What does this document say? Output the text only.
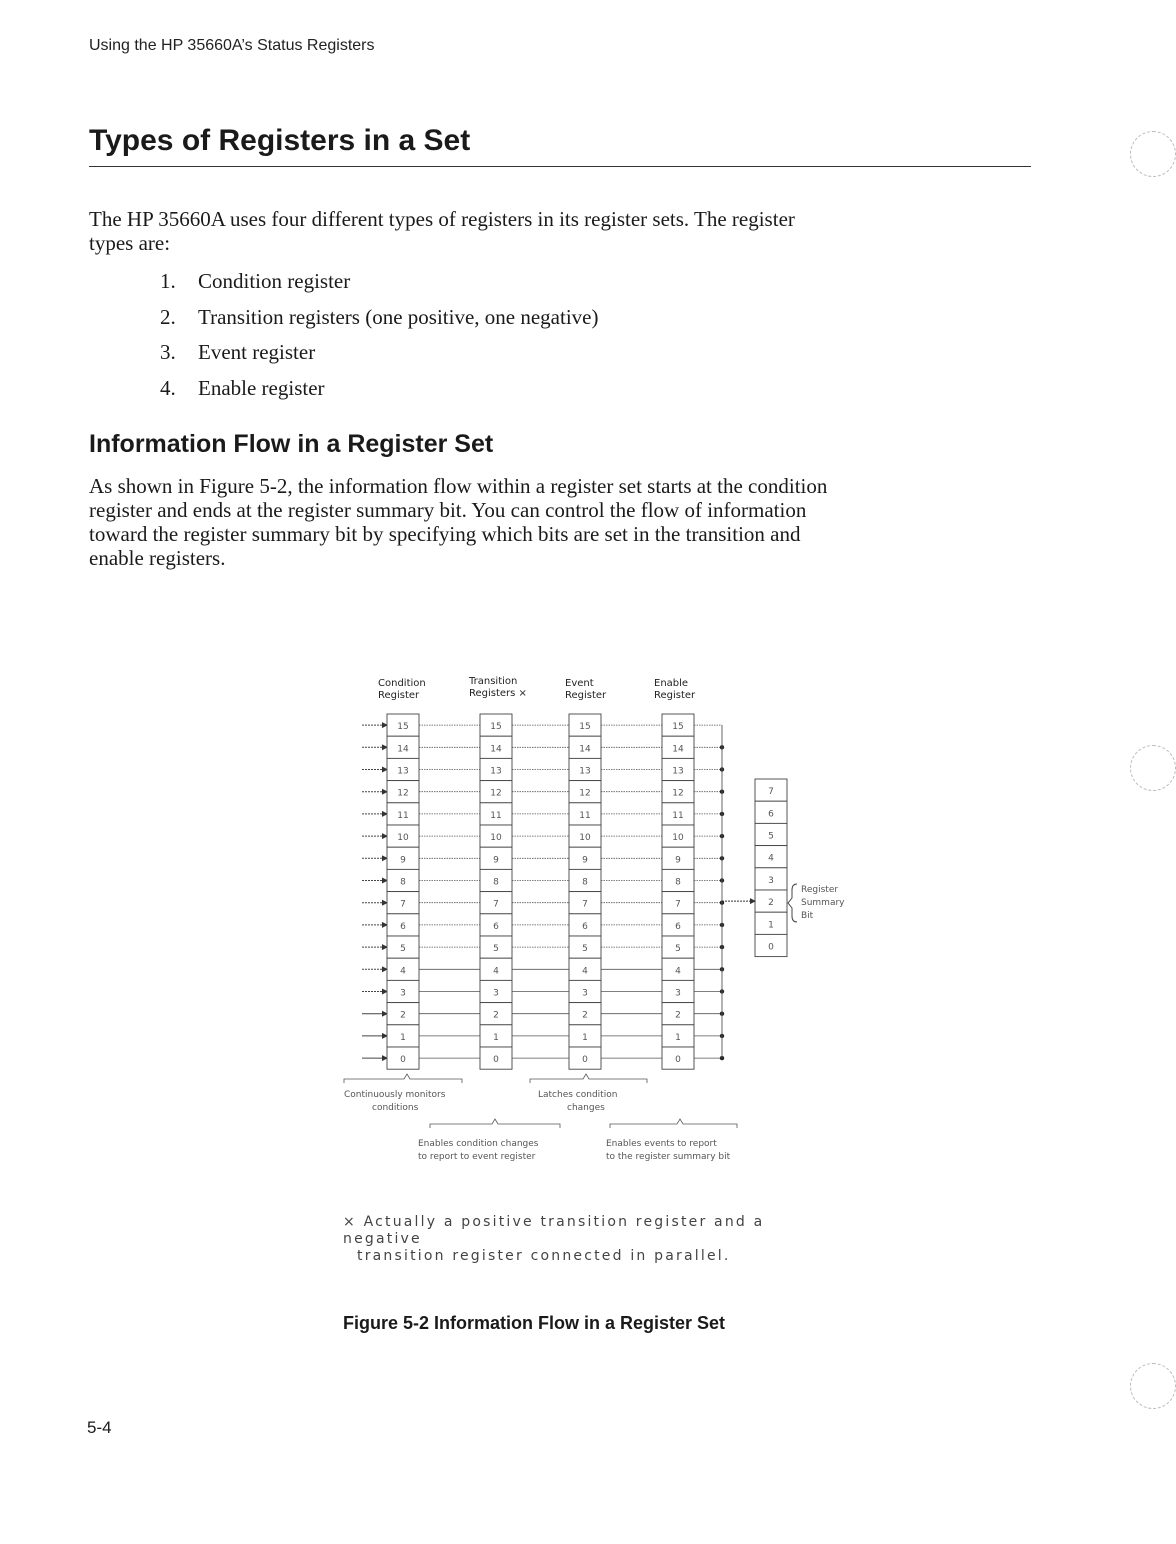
Using the HP 35660A’s Status Registers
Types of Registers in a Set

The HP 35660A uses four different types of registers in its register sets. The register

types are:

1. Condition register
2. Transition registers (one positive, one negative)
3. Event register
4. Enable register
Information Flow in a Register Set

As shown in Figure 5-2, the information flow within a register set starts at the condition

register and ends at the register summary bit. You can control the flow of information

toward the register summary bit by specifying which bits are set in the transition and

enable registers.

Condition
Register
Transition
Registers ×
Event
Register
Enable
Register
15	15	15	15
14	14	14	14
13	13	13	13
12	12	12	12
11	11	11	11
10	10	10	10
9	9	9	9
8	8	8	8
7	7	7	7
6	6	6	6
5	5	5	5
4	4	4	4
3	3	3	3
2	2	2	2
1	1	1	1
0	0	0	0
7
6
5
4
3
2
1
0
Register
Summary
Bit
Continuously monitors
conditions
Latches condition
changes
Enables condition changes
to report to event register
Enables events to report
to the register summary bit
× Actually a positive transition register and a negative
transition register connected in parallel.
Figure 5-2 Information Flow in a Register Set
5-4
